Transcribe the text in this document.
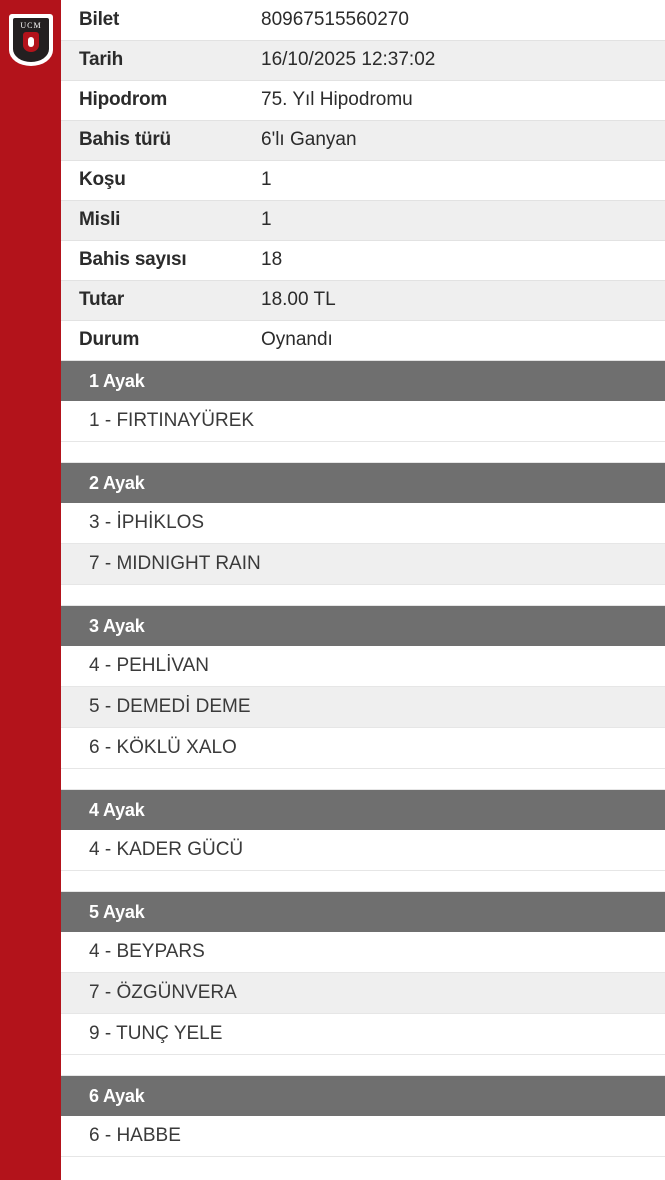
UCM Bilet	80967515560270
Tarih	16/10/2025 12:37:02
Hipodrom	75. Yıl Hipodromu
Bahis türü	6'lı Ganyan
Koşu	1
Misli	1
Bahis sayısı	18
Tutar	18.00 TL
Durum	Oynandı
1 Ayak
1 - FIRTINAYÜREK
2 Ayak
3 - İPHİKLOS
7 - MIDNIGHT RAIN
3 Ayak
4 - PEHLİVAN
5 - DEMEDİ DEME
6 - KÖKLÜ XALO
4 Ayak
4 - KADER GÜCÜ
5 Ayak
4 - BEYPARS
7 - ÖZGÜNVERA
9 - TUNÇ YELE
6 Ayak
6 - HABBE
